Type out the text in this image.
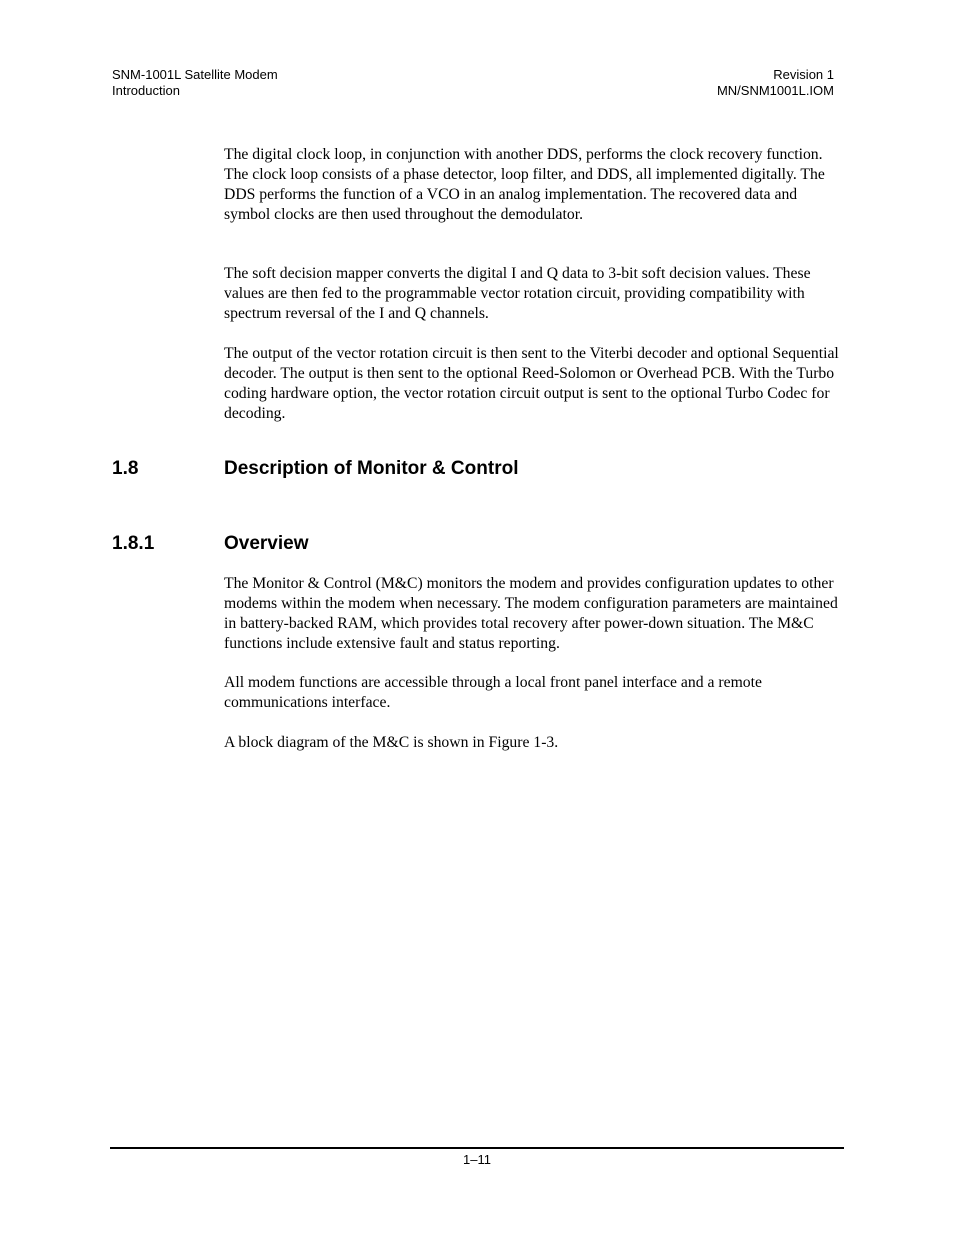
SNM-1001L Satellite Modem
Introduction
Revision 1
MN/SNM1001L.IOM

The digital clock loop, in conjunction with another DDS, performs the clock recovery function. The clock loop consists of a phase detector, loop filter, and DDS, all implemented digitally. The DDS performs the function of a VCO in an analog implementation. The recovered data and symbol clocks are then used throughout the demodulator.

The soft decision mapper converts the digital I and Q data to 3-bit soft decision values. These values are then fed to the programmable vector rotation circuit, providing compatibility with spectrum reversal of the I and Q channels.

The output of the vector rotation circuit is then sent to the Viterbi decoder and optional Sequential decoder. The output is then sent to the optional Reed-Solomon or Overhead PCB. With the Turbo coding hardware option, the vector rotation circuit output is sent to the optional Turbo Codec for decoding.

1.8	Description of Monitor & Control
1.8.1	Overview

The Monitor & Control (M&C) monitors the modem and provides configuration updates to other modems within the modem when necessary. The modem configuration parameters are maintained in battery-backed RAM, which provides total recovery after power-down situation. The M&C functions include extensive fault and status reporting.

All modem functions are accessible through a local front panel interface and a remote communications interface.

A block diagram of the M&C is shown in Figure 1-3.

1–11
